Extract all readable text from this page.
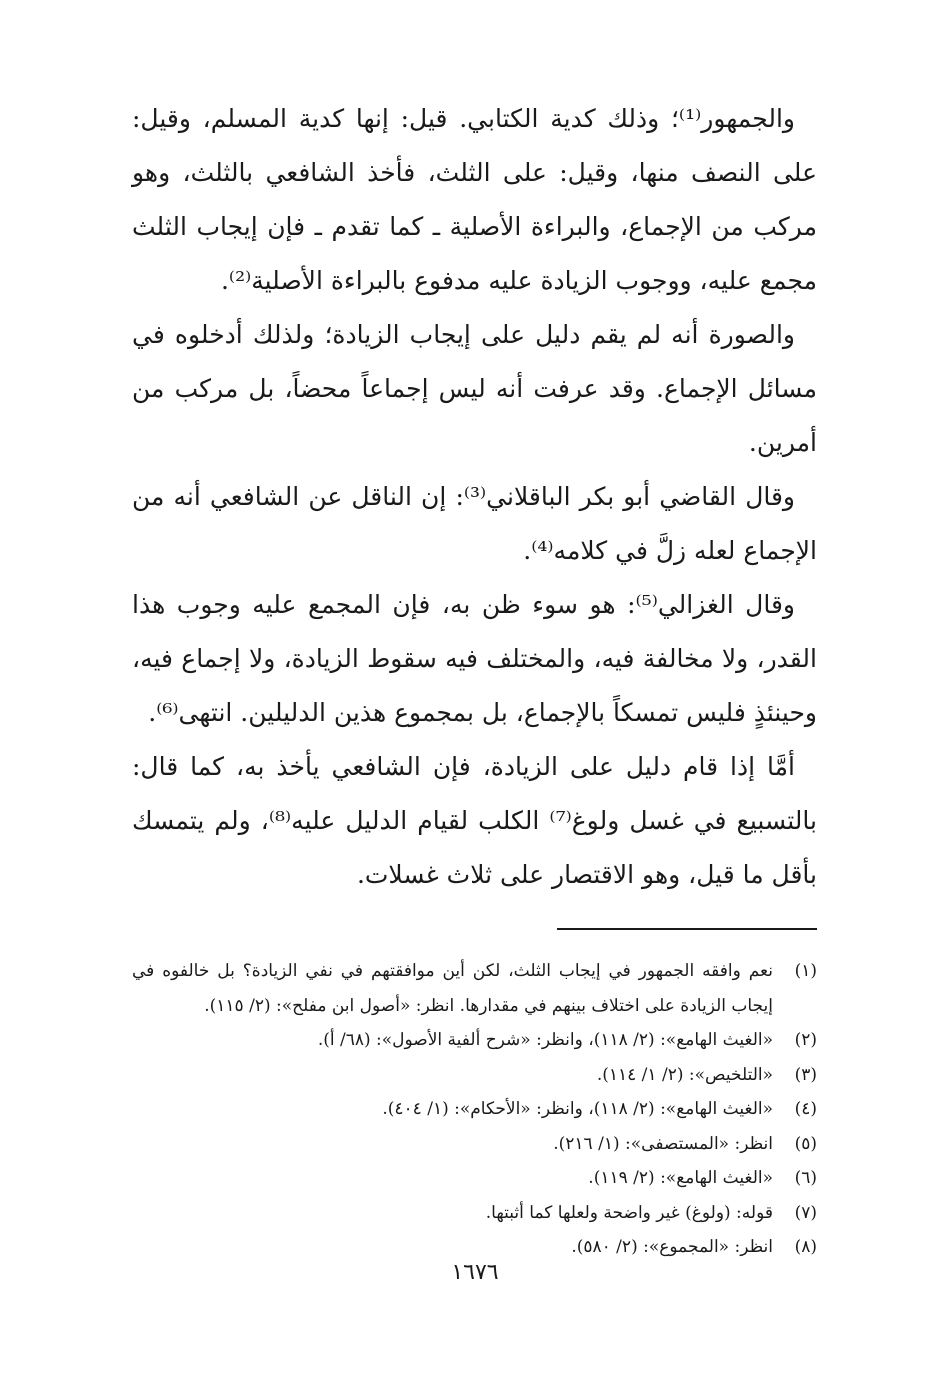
والجمهور⁽¹⁾؛ وذلك كدية الكتابي. قيل: إنها كدية المسلم، وقيل: على النصف منها، وقيل: على الثلث، فأخذ الشافعي بالثلث، وهو مركب من الإجماع، والبراءة الأصلية ـ كما تقدم ـ فإن إيجاب الثلث مجمع عليه، ووجوب الزيادة عليه مدفوع بالبراءة الأصلية⁽²⁾.

والصورة أنه لم يقم دليل على إيجاب الزيادة؛ ولذلك أدخلوه في مسائل الإجماع. وقد عرفت أنه ليس إجماعاً محضاً، بل مركب من أمرين.

وقال القاضي أبو بكر الباقلاني⁽³⁾: إن الناقل عن الشافعي أنه من الإجماع لعله زلَّ في كلامه⁽⁴⁾.

وقال الغزالي⁽⁵⁾: هو سوء ظن به، فإن المجمع عليه وجوب هذا القدر، ولا مخالفة فيه، والمختلف فيه سقوط الزيادة، ولا إجماع فيه، وحينئذٍ فليس تمسكاً بالإجماع، بل بمجموع هذين الدليلين. انتهى⁽⁶⁾.

أمَّا إذا قام دليل على الزيادة، فإن الشافعي يأخذ به، كما قال: بالتسبيع في غسل ولوغ⁽⁷⁾ الكلب لقيام الدليل عليه⁽⁸⁾، ولم يتمسك بأقل ما قيل، وهو الاقتصار على ثلاث غسلات.

(١)
نعم وافقه الجمهور في إيجاب الثلث، لكن أين موافقتهم في نفي الزيادة؟ بل خالفوه في إيجاب الزيادة على اختلاف بينهم في مقدارها. انظر: «أصول ابن مفلح»: (٢/ ١١٥).
(٢)
«الغيث الهامع»: (٢/ ١١٨)، وانظر: «شرح ألفية الأصول»: (٦٨/ أ).
(٣)
«التلخيص»: (٢/ ١/ ١١٤).
(٤)
«الغيث الهامع»: (٢/ ١١٨)، وانظر: «الأحكام»: (١/ ٤٠٤).
(٥)
انظر: «المستصفى»: (١/ ٢١٦).
(٦)
«الغيث الهامع»: (٢/ ١١٩).
(٧)
قوله: (ولوغ) غير واضحة ولعلها كما أثبتها.
(٨)
انظر: «المجموع»: (٢/ ٥٨٠).
١٦٧٦
